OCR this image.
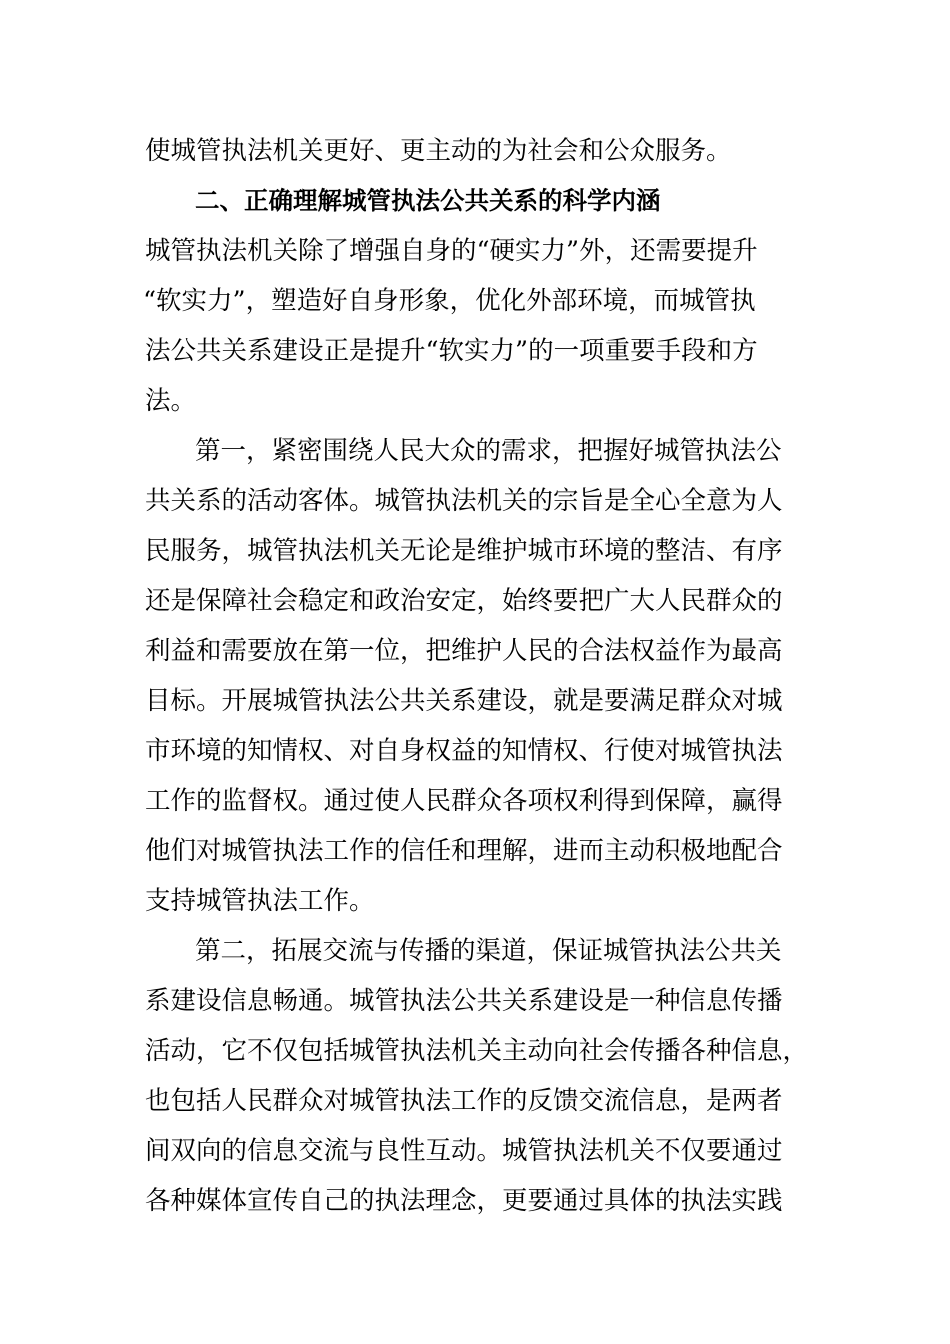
使城管执法机关更好、更主动的为社会和公众服务。
二、正确理解城管执法公共关系的科学内涵
城管执法机关除了增强自身的“硬实力”外，还需要提升
“软实力”，塑造好自身形象，优化外部环境，而城管执
法公共关系建设正是提升“软实力”的一项重要手段和方
法。
第一，紧密围绕人民大众的需求，把握好城管执法公
共关系的活动客体。城管执法机关的宗旨是全心全意为人
民服务，城管执法机关无论是维护城市环境的整洁、有序
还是保障社会稳定和政治安定，始终要把广大人民群众的
利益和需要放在第一位，把维护人民的合法权益作为最高
目标。开展城管执法公共关系建设，就是要满足群众对城
市环境的知情权、对自身权益的知情权、行使对城管执法
工作的监督权。通过使人民群众各项权利得到保障，赢得
他们对城管执法工作的信任和理解，进而主动积极地配合
支持城管执法工作。
第二，拓展交流与传播的渠道，保证城管执法公共关
系建设信息畅通。城管执法公共关系建设是一种信息传播
活动，它不仅包括城管执法机关主动向社会传播各种信息，
也包括人民群众对城管执法工作的反馈交流信息，是两者
间双向的信息交流与良性互动。城管执法机关不仅要通过
各种媒体宣传自己的执法理念，更要通过具体的执法实践
